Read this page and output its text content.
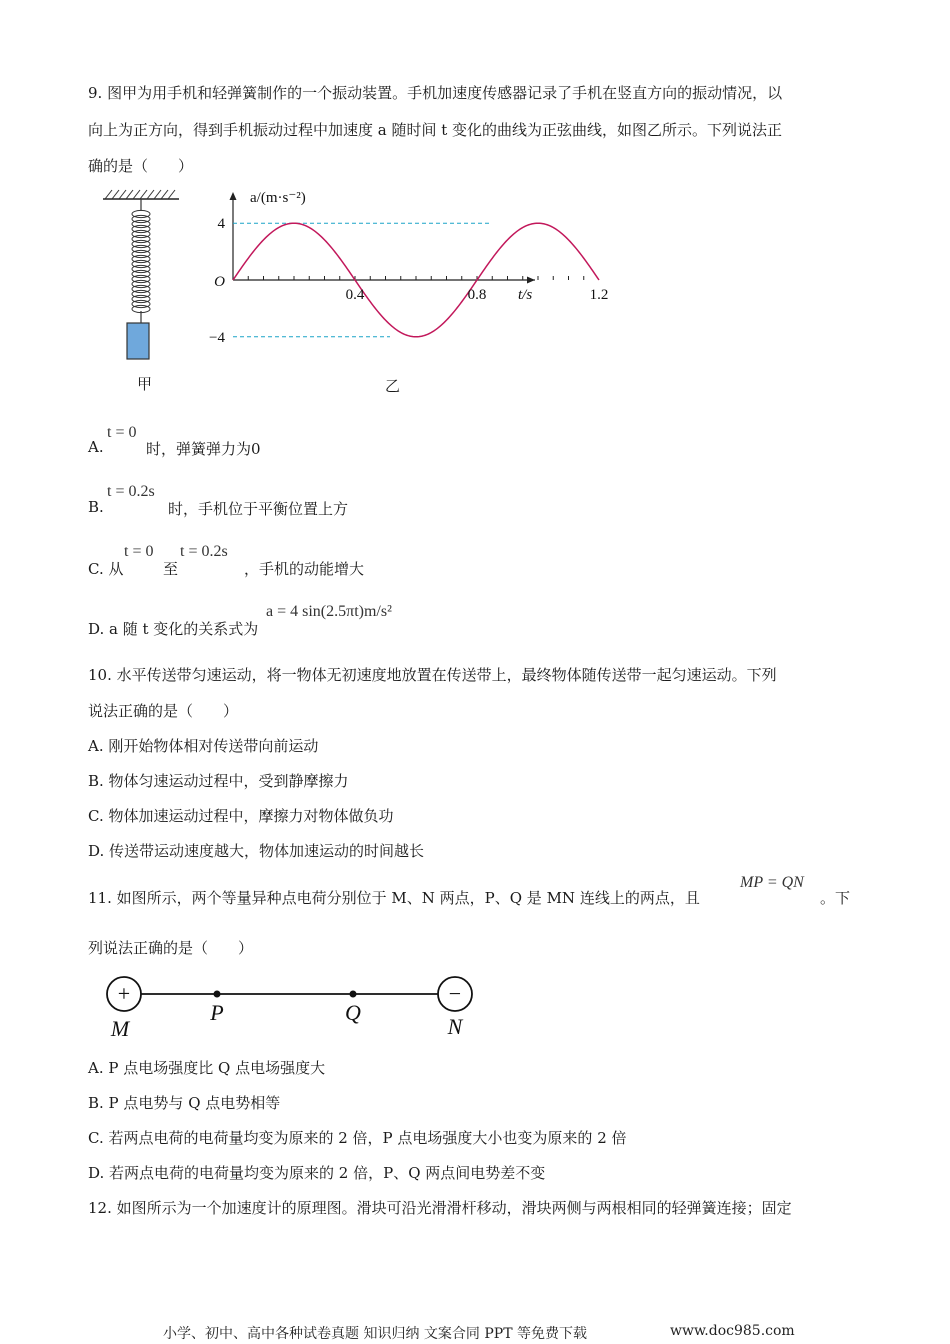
9. 图甲为用手机和轻弹簧制作的一个振动装置。手机加速度传感器记录了手机在竖直方向的振动情况，以
向上为正方向，得到手机振动过程中加速度 a 随时间 t 变化的曲线为正弦曲线，如图乙所示。下列说法正
确的是（　　）
甲
0.4	0.8	1.2
4
−4
O
t/s
a/(m·s⁻²)
乙
A.
t = 0
时，弹簧弹力为0
B.
t = 0.2s
时，手机位于平衡位置上方
C. 从
t = 0
至
t = 0.2s
，手机的动能增大
D. a 随 t 变化的关系式为
a = 4 sin(2.5πt)m/s²
10. 水平传送带匀速运动，将一物体无初速度地放置在传送带上，最终物体随传送带一起匀速运动。下列
说法正确的是（　　）
A. 刚开始物体相对传送带向前运动
B. 物体匀速运动过程中，受到静摩擦力
C. 物体加速运动过程中，摩擦力对物体做负功
D. 传送带运动速度越大，物体加速运动的时间越长
11. 如图所示，两个等量异种点电荷分别位于 M、N 两点，P、Q 是 MN 连线上的两点，且
MP = QN
。下
列说法正确的是（　　）
+	−
M
P	Q
N
A. P 点电场强度比 Q 点电场强度大
B. P 点电势与 Q 点电势相等
C. 若两点电荷的电荷量均变为原来的 2 倍，P 点电场强度大小也变为原来的 2 倍
D. 若两点电荷的电荷量均变为原来的 2 倍，P、Q 两点间电势差不变
12. 如图所示为一个加速度计的原理图。滑块可沿光滑滑杆移动，滑块两侧与两根相同的轻弹簧连接；固定
小学、初中、高中各种试卷真题 知识归纳 文案合同 PPT 等免费下载	www.doc985.com
